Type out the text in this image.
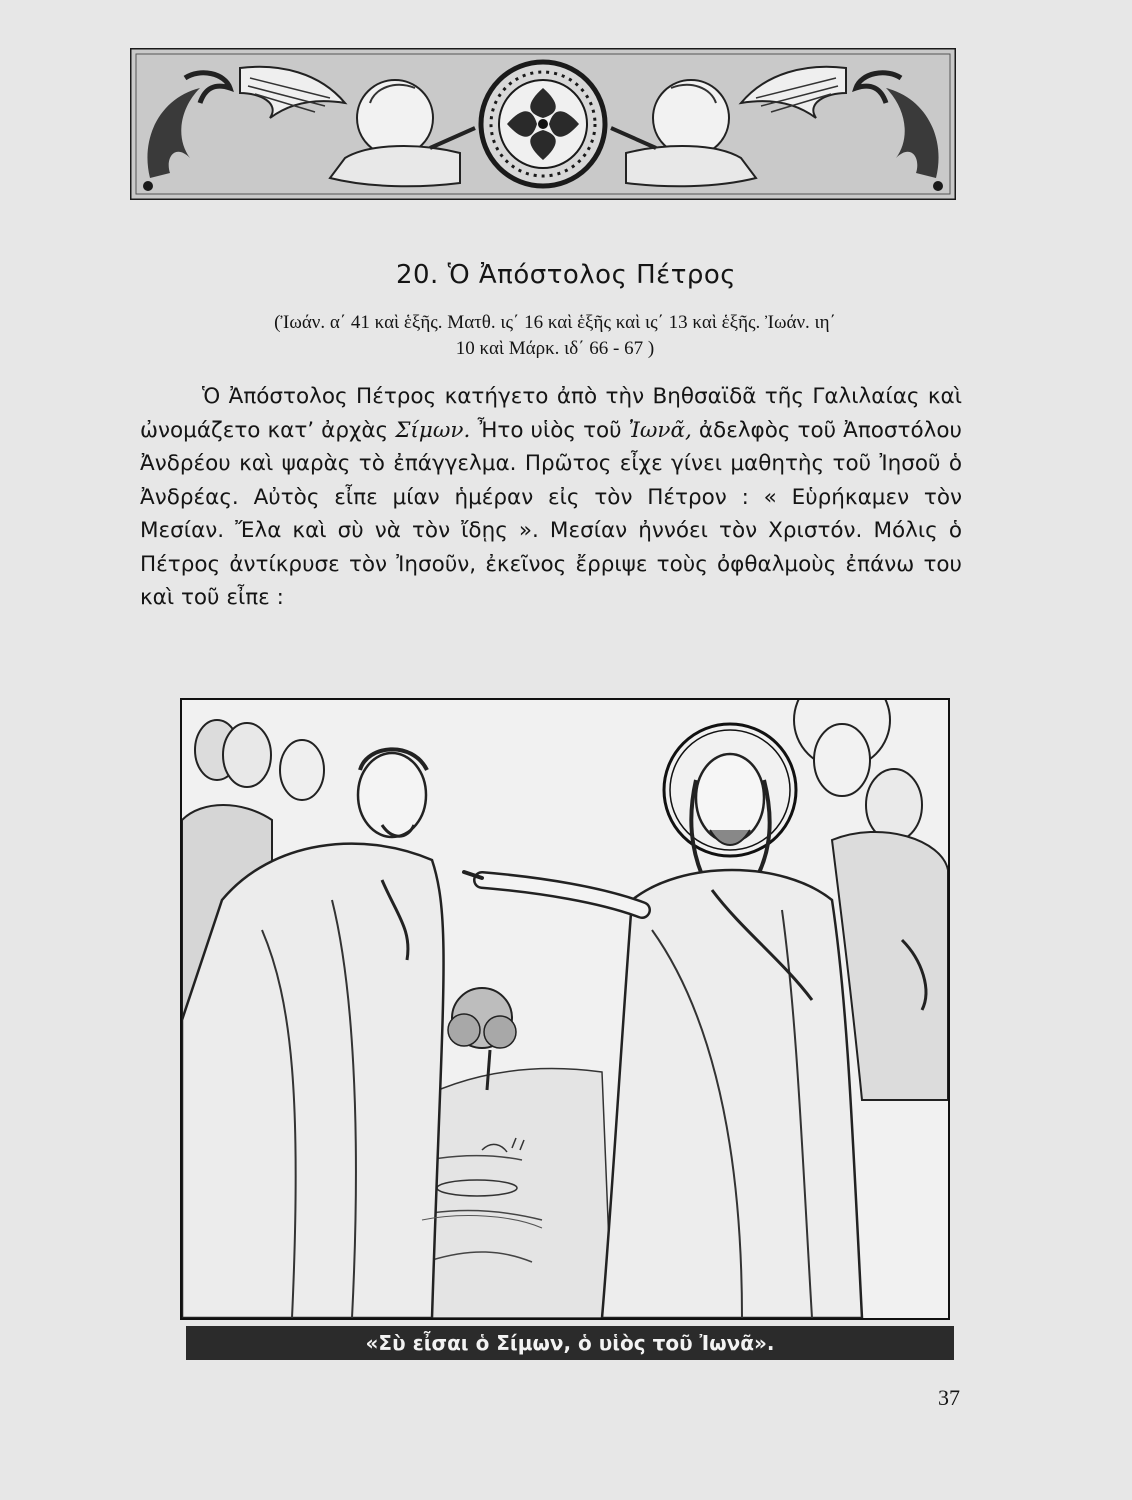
20. Ὁ Ἀπόστολος Πέτρος
(Ἰωάν. α΄ 41 καὶ ἑξῆς. Ματθ. ις΄ 16 καὶ ἑξῆς καὶ ις΄ 13 καὶ ἑξῆς. Ἰωάν. ιη΄
10 καὶ Μάρκ. ιδ΄ 66 - 67 )

Ὁ Ἀπόστολος Πέτρος κατήγετο ἀπὸ τὴν Βηθσαϊδᾶ τῆς Γαλιλαίας καὶ ὠνομάζετο κατ’ ἀρχὰς Σίμων. Ἦτο υἱὸς τοῦ Ἰωνᾶ, ἀδελφὸς τοῦ Ἀποστόλου Ἀνδρέου καὶ ψαρὰς τὸ ἐπάγγελμα. Πρῶτος εἶχε γίνει μαθητὴς τοῦ Ἰησοῦ ὁ Ἀνδρέας. Αὐτὸς εἶπε μίαν ἡμέραν εἰς τὸν Πέτρον : « Εὑρήκαμεν τὸν Μεσίαν. Ἔλα καὶ σὺ νὰ τὸν ἴδῃς ». Μεσίαν ἠννόει τὸν Χριστόν. Μόλις ὁ Πέτρος ἀντίκρυσε τὸν Ἰησοῦν, ἐκεῖνος ἔρριψε τοὺς ὀφθαλμοὺς ἐπάνω του καὶ τοῦ εἶπε :

«Σὺ εἶσαι ὁ Σίμων, ὁ υἱὸς τοῦ Ἰωνᾶ».
37
